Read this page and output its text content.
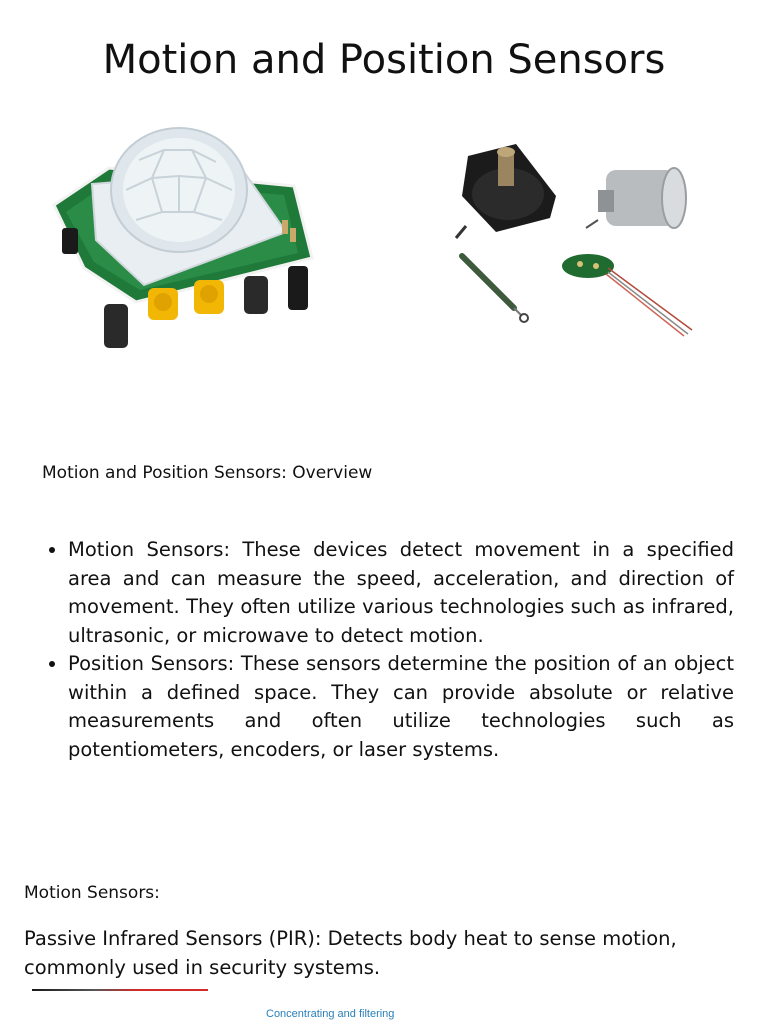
Motion and Position Sensors

Motion and Position Sensors: Overview

• Motion Sensors: These devices detect movement in a specified area and can measure the speed, acceleration, and direction of movement. They often utilize various technologies such as infrared, ultrasonic, or microwave to detect motion.
• Position Sensors: These sensors determine the position of an object within a defined space. They can provide absolute or relative measurements and often utilize technologies such as potentiometers, encoders, or laser systems.

Motion Sensors:

Passive Infrared Sensors (PIR): Detects body heat to sense motion, commonly used in security systems.

Concentrating and filtering
